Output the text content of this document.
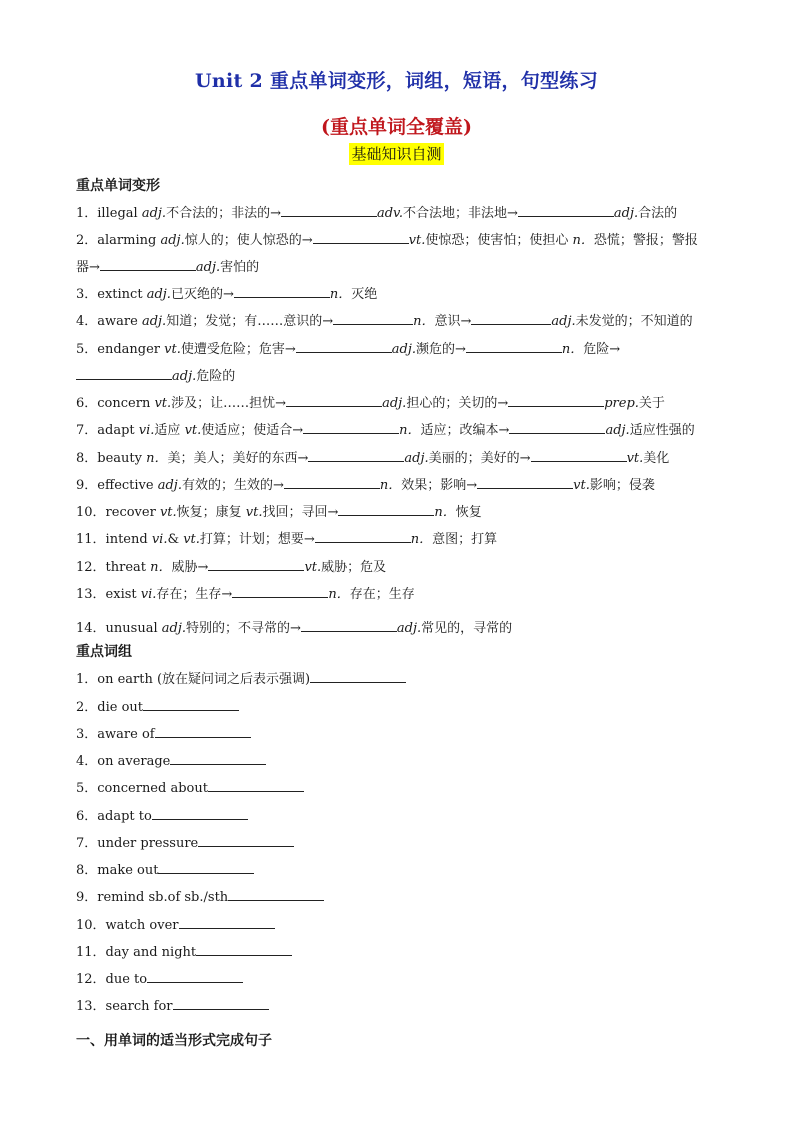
Unit 2 重点单词变形，词组，短语，句型练习
(重点单词全覆盖)
基础知识自测
重点单词变形
1．illegal adj.不合法的；非法的→	adv.不合法地；非法地→	adj.合法的
2．alarming adj.惊人的；使人惊恐的→	vt.使惊恐；使害怕；使担心 n．恐慌；警报；警报
器→	adj.害怕的
3．extinct adj.已灭绝的→	n．灭绝
4．aware adj.知道；发觉；有……意识的→	n．意识→	adj.未发觉的；不知道的
5．endanger vt.使遭受危险；危害→	adj.濒危的→	n．危险→
adj.危险的
6．concern vt.涉及；让……担忧→	adj.担心的；关切的→	prep.关于
7．adapt vi.适应 vt.使适应；使适合→	n．适应；改编本→	adj.适应性强的
8．beauty n．美；美人；美好的东西→	adj.美丽的；美好的→	vt.美化
9．effective adj.有效的；生效的→	n．效果；影响→	vt.影响；侵袭
10．recover vt.恢复；康复 vt.找回；寻回→	n．恢复
11．intend vi.& vt.打算；计划；想要→	n．意图；打算
12．threat n．威胁→	vt.威胁；危及
13．exist vi.存在；生存→	n．存在；生存
14．unusual adj.特别的；不寻常的→	adj.常见的，寻常的
重点词组
1．on earth (放在疑问词之后表示强调)
2．die out
3．aware of
4．on average
5．concerned about
6．adapt to
7．under pressure
8．make out
9．remind sb.of sb./sth
10．watch over
11．day and night
12．due to
13．search for
一、用单词的适当形式完成句子
